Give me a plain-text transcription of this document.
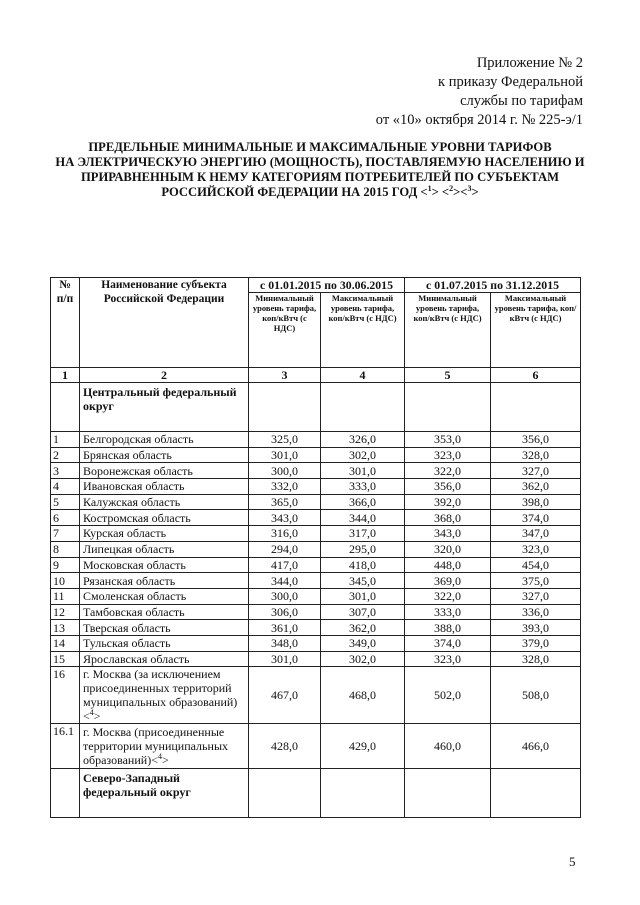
Приложение № 2
к приказу Федеральной
службы по тарифам
от «10» октября 2014 г. № 225-э/1
ПРЕДЕЛЬНЫЕ МИНИМАЛЬНЫЕ И МАКСИМАЛЬНЫЕ УРОВНИ ТАРИФОВ
НА ЭЛЕКТРИЧЕСКУЮ ЭНЕРГИЮ (МОЩНОСТЬ), ПОСТАВЛЯЕМУЮ НАСЕЛЕНИЮ И
ПРИРАВНЕННЫМ К НЕМУ КАТЕГОРИЯМ ПОТРЕБИТЕЛЕЙ ПО СУБЪЕКТАМ
РОССИЙСКОЙ ФЕДЕРАЦИИ НА 2015 ГОД <$^1$> <$^2$><$^3$>
№ п/п	Наименование субъекта Российской Федерации	с 01.01.2015 по 30.06.2015		с 01.07.2015 по 31.12.2015	
		Минимальный уровень тарифа, коп/кВтч (с НДС)	Максимальный уровень тарифа, коп/кВтч (с НДС)	Минимальный уровень тарифа, коп/кВтч (с НДС)	Максимальный уровень тарифа, коп/кВтч (с НДС)
1	2	3	4	5	6
	Центральный федеральный округ				
1	Белгородская область	325,0	326,0	353,0	356,0
2	Брянская область	301,0	302,0	323,0	328,0
3	Воронежская область	300,0	301,0	322,0	327,0
4	Ивановская область	332,0	333,0	356,0	362,0
5	Калужская область	365,0	366,0	392,0	398,0
6	Костромская область	343,0	344,0	368,0	374,0
7	Курская область	316,0	317,0	343,0	347,0
8	Липецкая область	294,0	295,0	320,0	323,0
9	Московская область	417,0	418,0	448,0	454,0
10	Рязанская область	344,0	345,0	369,0	375,0
11	Смоленская область	300,0	301,0	322,0	327,0
12	Тамбовская область	306,0	307,0	333,0	336,0
13	Тверская область	361,0	362,0	388,0	393,0
14	Тульская область	348,0	349,0	374,0	379,0
15	Ярославская область	301,0	302,0	323,0	328,0
16	г. Москва (за исключением присоединенных территорий муниципальных образований) <$^4$>	467,0	468,0	502,0	508,0
16.1	г. Москва (присоединенные территории муниципальных образований)<$^4$>	428,0	429,0	460,0	466,0
	Северо-Западный федеральный округ				
5
